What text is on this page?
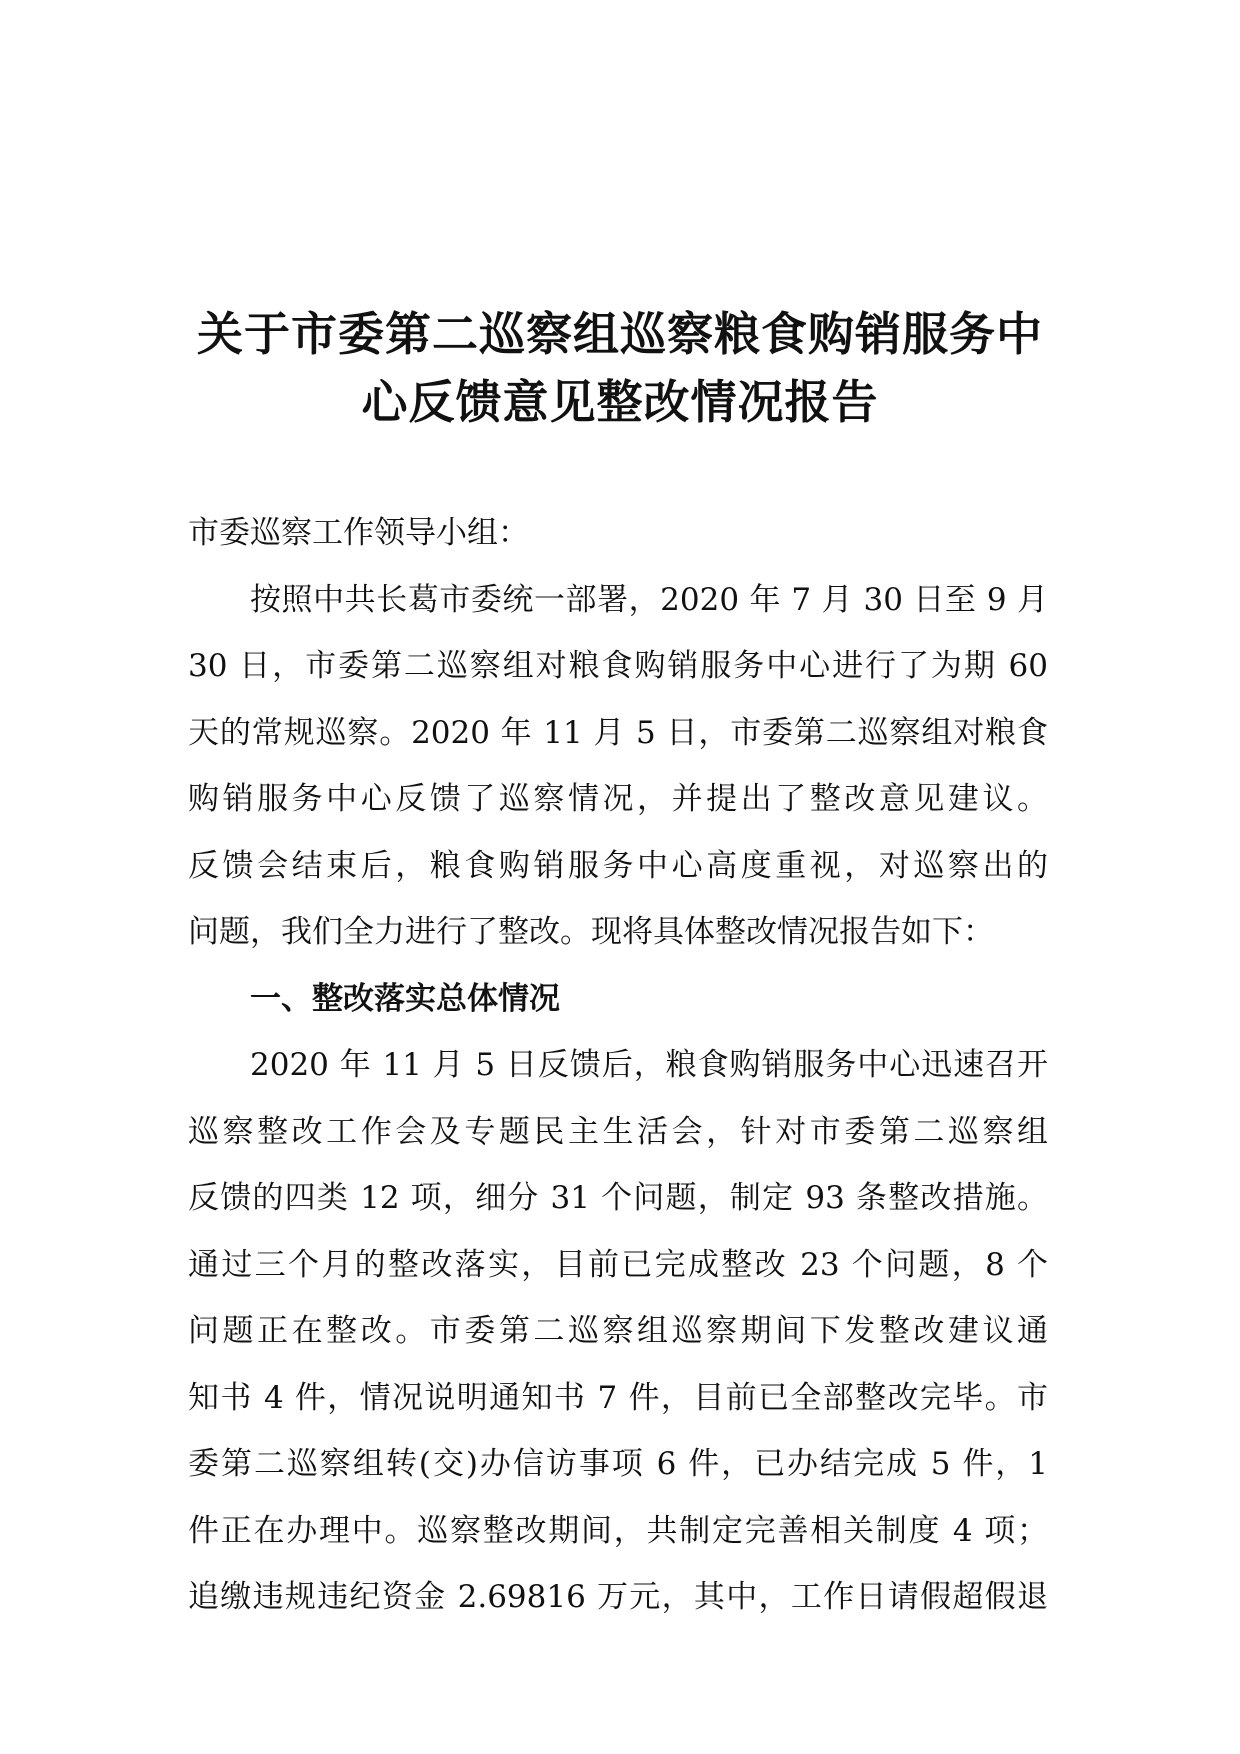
关于市委第二巡察组巡察粮食购销服务中
心反馈意见整改情况报告
市委巡察工作领导小组：
按照中共长葛市委统一部署，2020 年 7 月 30 日至 9 月
30 日，市委第二巡察组对粮食购销服务中心进行了为期 60
天的常规巡察。2020 年 11 月 5 日，市委第二巡察组对粮食
购销服务中心反馈了巡察情况，并提出了整改意见建议。
反馈会结束后，粮食购销服务中心高度重视，对巡察出的
问题，我们全力进行了整改。现将具体整改情况报告如下：
一、整改落实总体情况
2020 年 11 月 5 日反馈后，粮食购销服务中心迅速召开
巡察整改工作会及专题民主生活会，针对市委第二巡察组
反馈的四类 12 项，细分 31 个问题，制定 93 条整改措施。
通过三个月的整改落实，目前已完成整改 23 个问题，8 个
问题正在整改。市委第二巡察组巡察期间下发整改建议通
知书 4 件，情况说明通知书 7 件，目前已全部整改完毕。市
委第二巡察组转(交)办信访事项 6 件，已办结完成 5 件，1
件正在办理中。巡察整改期间，共制定完善相关制度 4 项；
追缴违规违纪资金 2.69816 万元，其中，工作日请假超假退
